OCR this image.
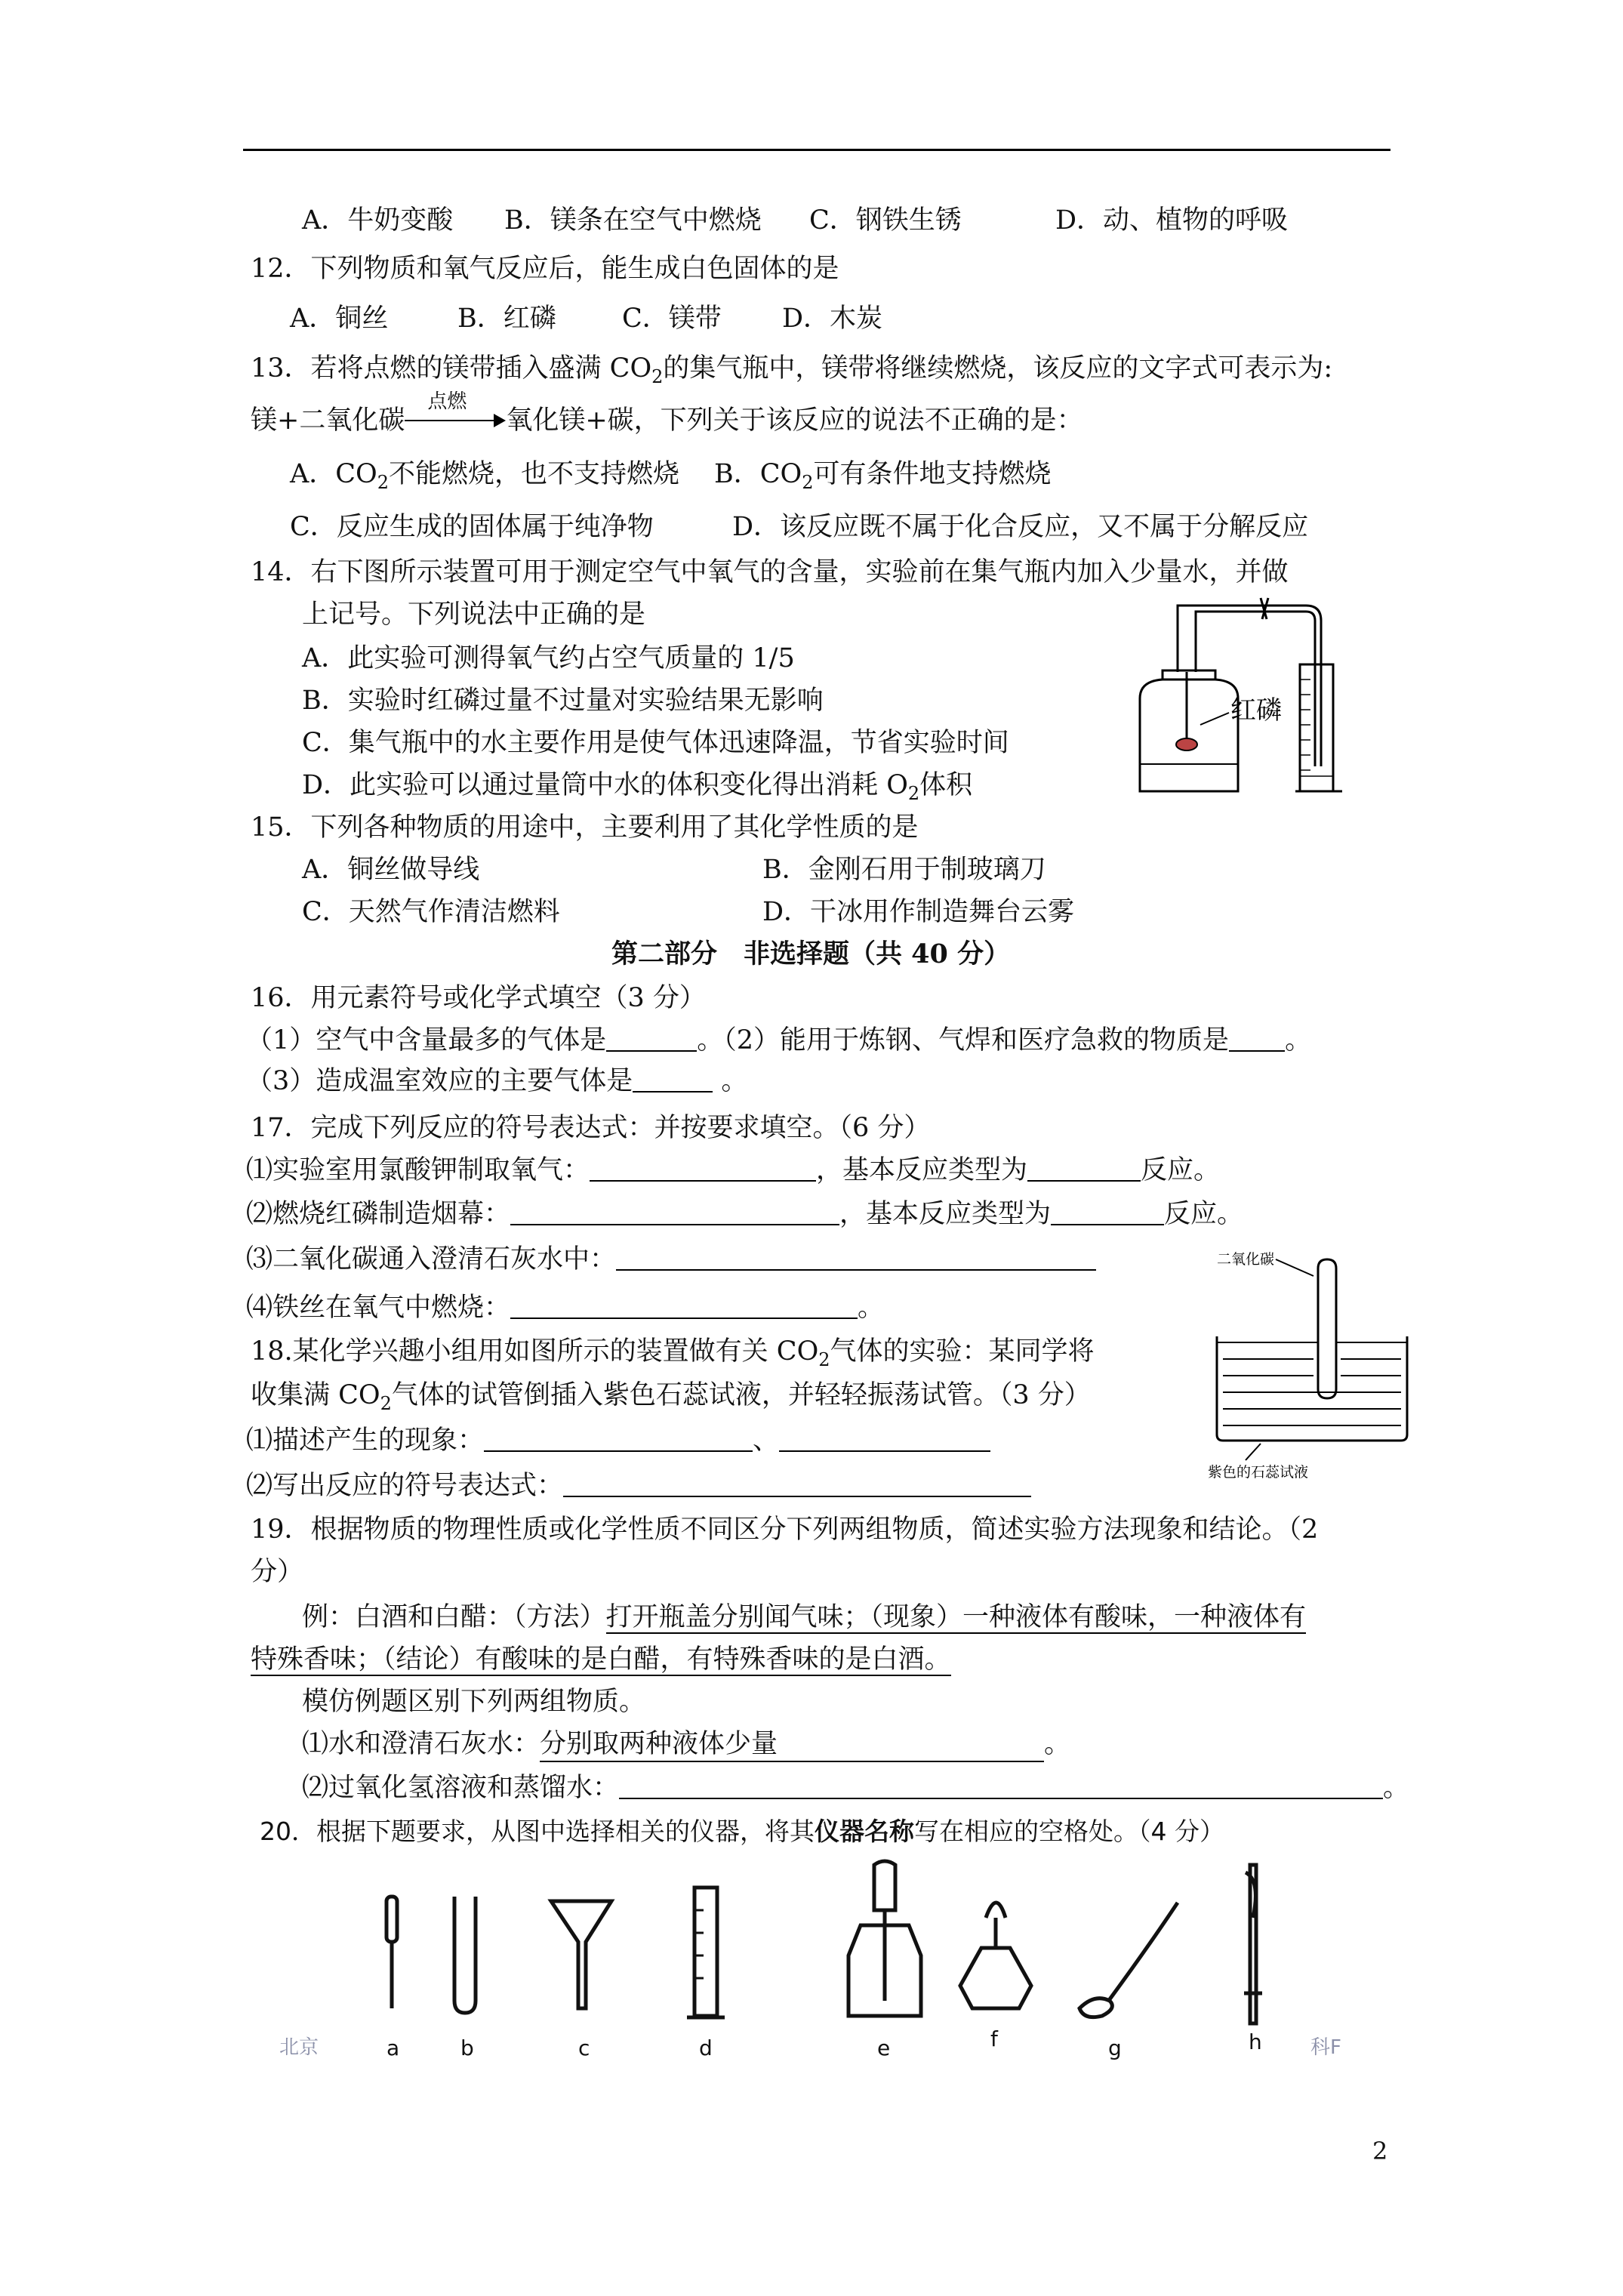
A．牛奶变酸 B．镁条在空气中燃烧 C．钢铁生锈	D．动、植物的呼吸
12．下列物质和氧气反应后，能生成白色固体的是
A．铜丝	B．红磷 C．镁带 D．木炭
13．若将点燃的镁带插入盛满 $CO_2$的集气瓶中，镁带将继续燃烧，该反应的文字式可表示为:
镁+二氧化碳
点燃
氧化镁+碳，下列关于该反应的说法不正确的是：
A．$CO_2$不能燃烧，也不支持燃烧 B．$CO_2$可有条件地支持燃烧
C．反应生成的固体属于纯净物	D．该反应既不属于化合反应，又不属于分解反应
14．右下图所示装置可用于测定空气中氧气的含量，实验前在集气瓶内加入少量水，并做
上记号。下列说法中正确的是
A．此实验可测得氧气约占空气质量的 1/5
B．实验时红磷过量不过量对实验结果无影响
C．集气瓶中的水主要作用是使气体迅速降温，节省实验时间
D．此实验可以通过量筒中水的体积变化得出消耗 $O_2$体积
红磷
15．下列各种物质的用途中，主要利用了其化学性质的是
A．铜丝做导线	B．金刚石用于制玻璃刀
C．天然气作清洁燃料	D．干冰用作制造舞台云雾
第二部分　非选择题（共 40 分）
16．用元素符号或化学式填空（3 分）
（1）空气中含量最多的气体是	。（2）能用于炼钢、气焊和医疗急救的物质是 。
（3）造成温室效应的主要气体是	。
17．完成下列反应的符号表达式：并按要求填空。（6 分）
⑴实验室用氯酸钾制取氧气：	，基本反应类型为	反应。
⑵燃烧红磷制造烟幕：	，基本反应类型为	反应。
⑶二氧化碳通入澄清石灰水中：
⑷铁丝在氧气中燃烧：	。
二氧化碳
紫色的石蕊试液
18.某化学兴趣小组用如图所示的装置做有关 $CO_2$气体的实验：某同学将
收集满 $CO_2$气体的试管倒插入紫色石蕊试液，并轻轻振荡试管。（3 分）
⑴描述产生的现象：	、
⑵写出反应的符号表达式：
19．根据物质的物理性质或化学性质不同区分下列两组物质，简述实验方法现象和结论。（2
分）
例：白酒和白醋：（方法）打开瓶盖分别闻气味；（现象）一种液体有酸味，一种液体有
特殊香味；（结论）有酸味的是白醋，有特殊香味的是白酒。
模仿例题区别下列两组物质。
⑴水和澄清石灰水：分别取两种液体少量	。
⑵过氧化氢溶液和蒸馏水：	。
20．根据下题要求，从图中选择相关的仪器，将其仪器名称写在相应的空格处。（4 分）
北京	科F
a	b	c	d	e	f	g	h
2
